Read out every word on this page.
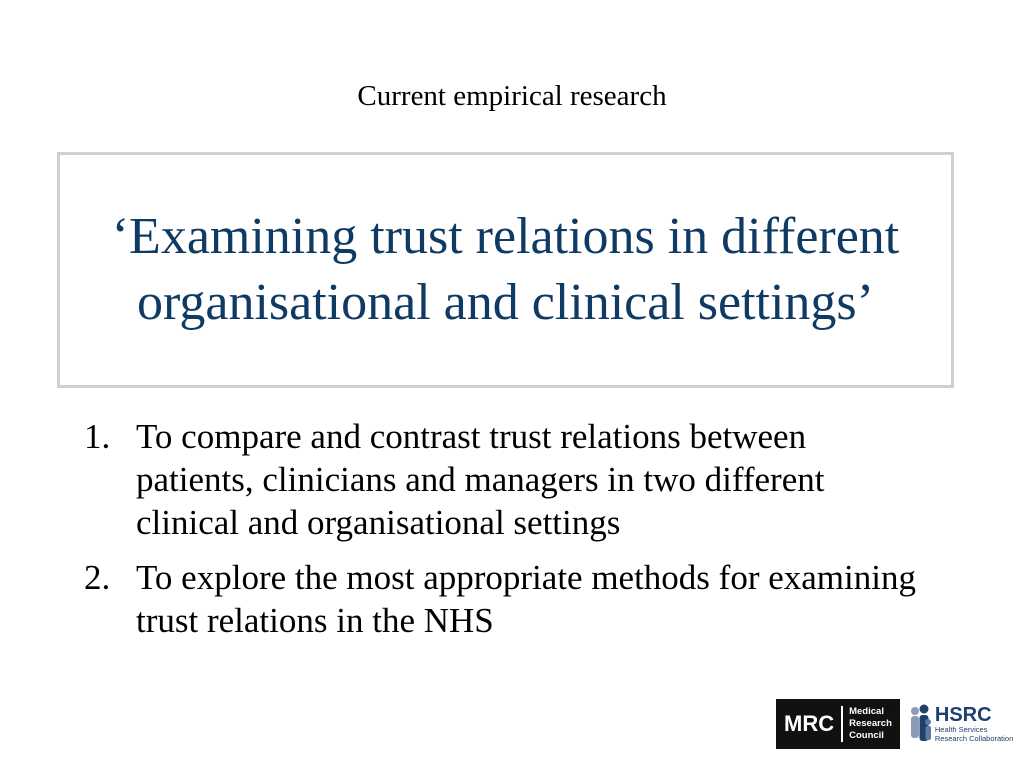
Current empirical research
‘Examining trust relations in different organisational and clinical settings’
1. To compare and contrast trust relations between patients, clinicians and managers in two different clinical and organisational settings
2. To explore the most appropriate methods for examining trust relations in the NHS
MRC	Medical
Research
Council
HSRC
Health Services
Research Collaboration
